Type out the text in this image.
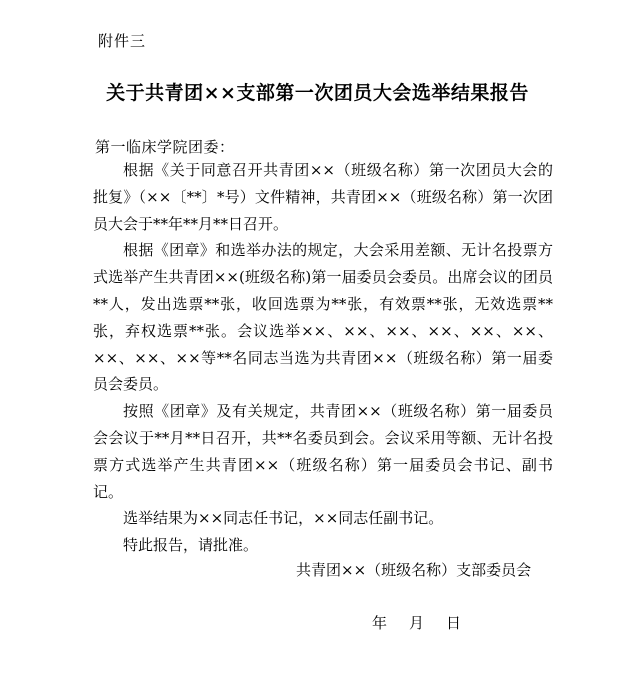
附件三
关于共青团××支部第一次团员大会选举结果报告
第一临床学院团委：

根据《关于同意召开共青团××（班级名称）第一次团员大会的批复》（××〔**〕*号）文件精神，共青团××（班级名称）第一次团员大会于**年**月**日召开。

根据《团章》和选举办法的规定，大会采用差额、无计名投票方式选举产生共青团××(班级名称)第一届委员会委员。出席会议的团员**人，发出选票**张，收回选票为**张，有效票**张，无效选票**张，弃权选票**张。会议选举××、××、××、××、××、××、××、××、××等**名同志当选为共青团××（班级名称）第一届委员会委员。

按照《团章》及有关规定，共青团××（班级名称）第一届委员会会议于**月**日召开，共**名委员到会。会议采用等额、无计名投票方式选举产生共青团××（班级名称）第一届委员会书记、副书记。

选举结果为××同志任书记，××同志任副书记。

特此报告，请批准。

共青团××（班级名称）支部委员会
年 月 日
